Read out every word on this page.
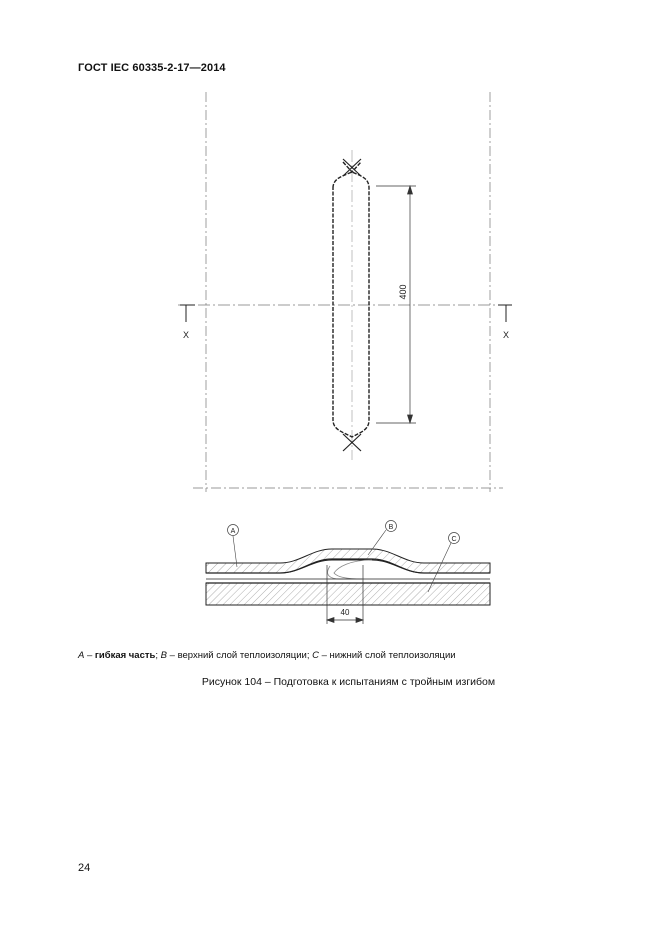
ГОСТ IEC 60335-2-17—2014
X	X
400
40
A
B
C
A – гибкая часть; B – верхний слой теплоизоляции; C – нижний слой теплоизоляции
Рисунок 104 – Подготовка к испытаниям с тройным изгибом
24
